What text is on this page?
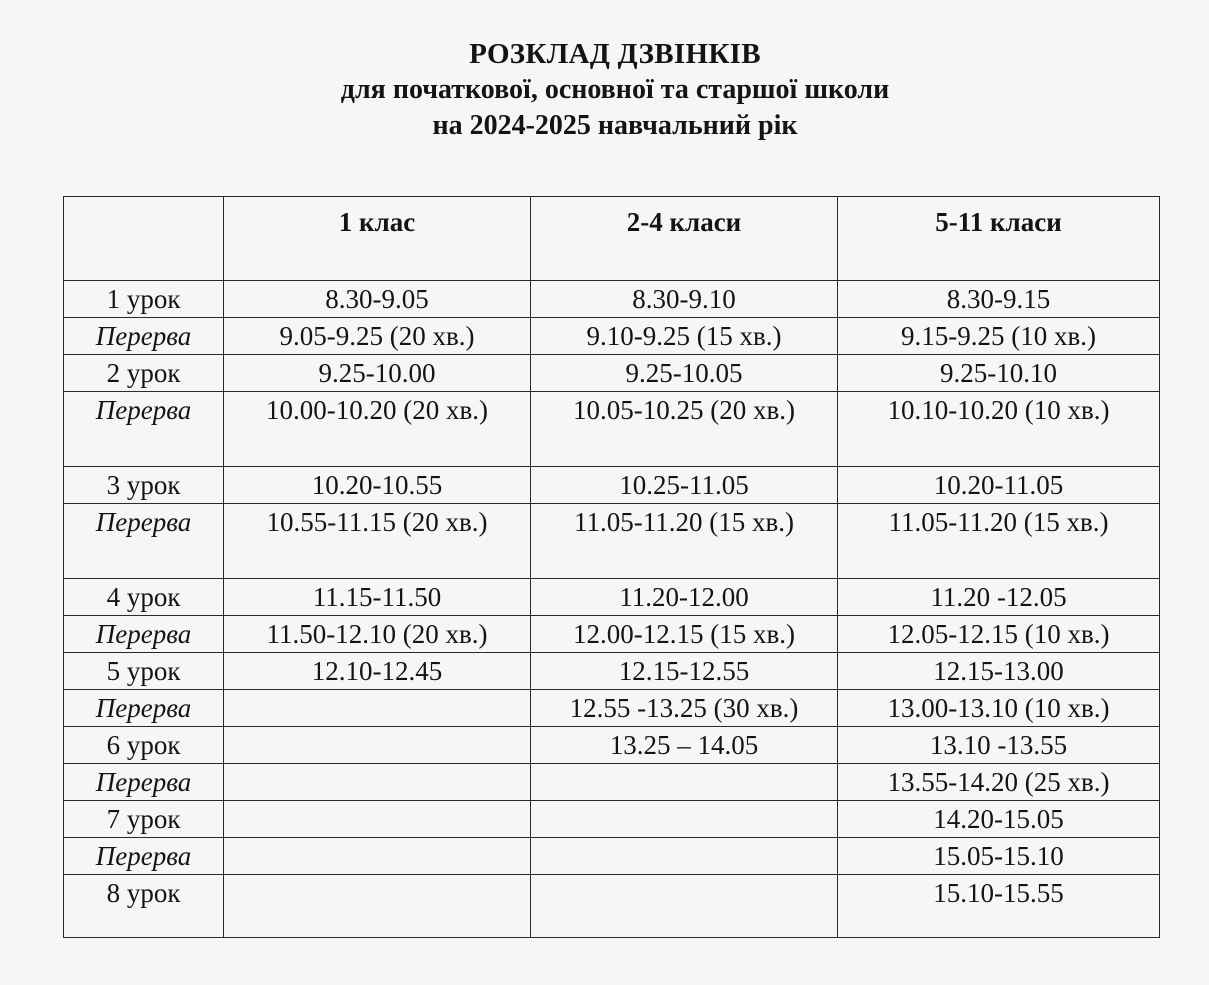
РОЗКЛАД ДЗВІНКІВ
для початкової, основної та старшої школи
на 2024-2025 навчальний рік
	1 клас	2-4 класи	5-11 класи
1 урок	8.30-9.05	8.30-9.10	8.30-9.15
Перерва	9.05-9.25 (20 хв.)	9.10-9.25 (15 хв.)	9.15-9.25 (10 хв.)
2 урок	9.25-10.00	9.25-10.05	9.25-10.10
Перерва	10.00-10.20 (20 хв.)	10.05-10.25 (20 хв.)	10.10-10.20 (10 хв.)
3 урок	10.20-10.55	10.25-11.05	10.20-11.05
Перерва	10.55-11.15 (20 хв.)	11.05-11.20 (15 хв.)	11.05-11.20 (15 хв.)
4 урок	11.15-11.50	11.20-12.00	11.20 -12.05
Перерва	11.50-12.10 (20 хв.)	12.00-12.15 (15 хв.)	12.05-12.15 (10 хв.)
5 урок	12.10-12.45	12.15-12.55	12.15-13.00
Перерва		12.55 -13.25 (30 хв.)	13.00-13.10 (10 хв.)
6 урок		13.25 – 14.05	13.10 -13.55
Перерва			13.55-14.20 (25 хв.)
7 урок			14.20-15.05
Перерва			15.05-15.10
8 урок			15.10-15.55
